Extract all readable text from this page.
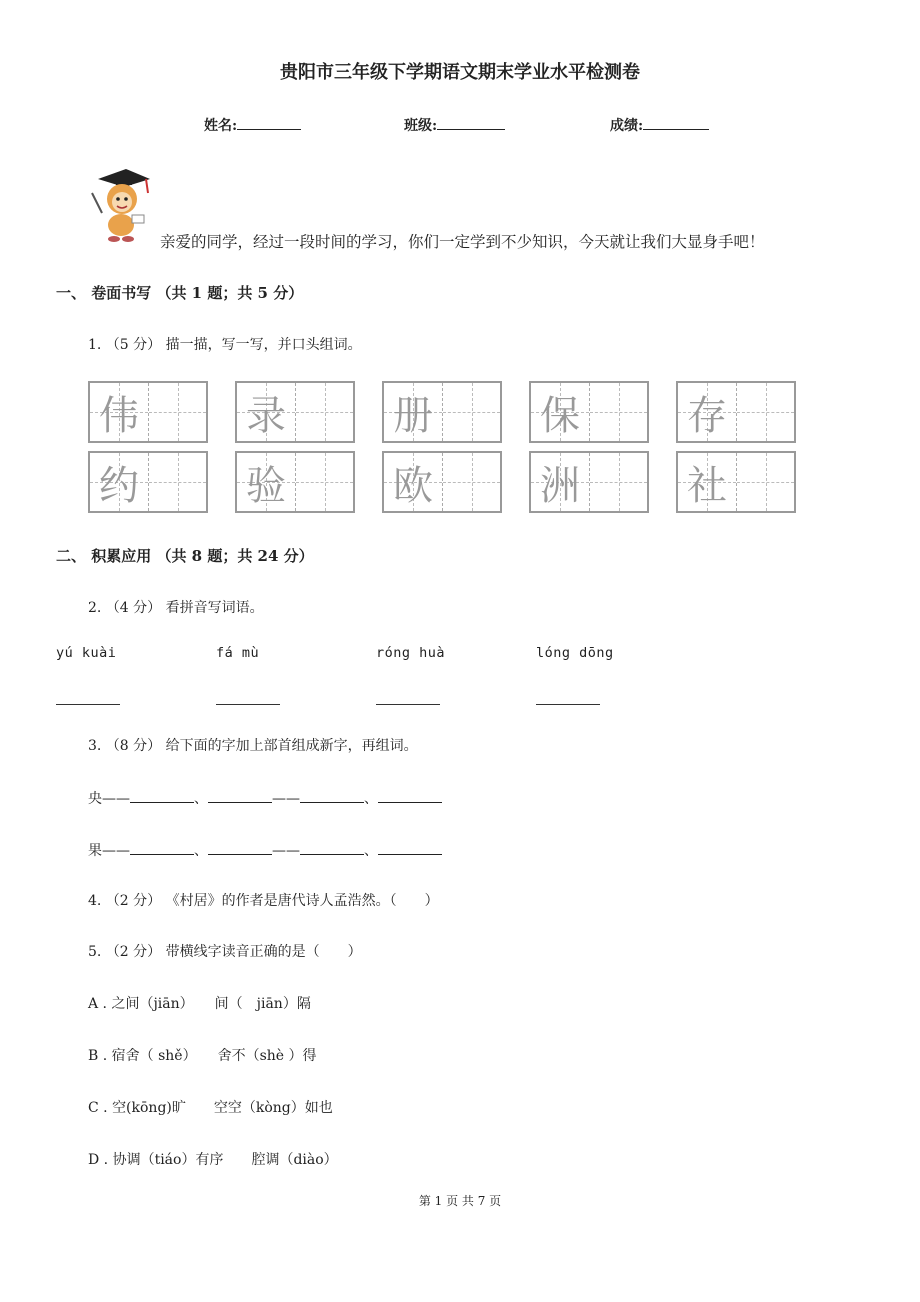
贵阳市三年级下学期语文期末学业水平检测卷
姓名:	班级:	成绩:
亲爱的同学，经过一段时间的学习，你们一定学到不少知识，今天就让我们大显身手吧！
一、 卷面书写 （共 1 题；共 5 分）
1. （5 分） 描一描，写一写，并口头组词。
伟	录	册	保	存
约	验	欧	洲	社
二、 积累应用 （共 8 题；共 24 分）
2. （4 分） 看拼音写词语。
yú kuài	fá mù	róng huà	lóng dōng
3. （8 分） 给下面的字加上部首组成新字，再组词。
央——	、	——	、
果——	、	——	、
4. （2 分） 《村居》的作者是唐代诗人孟浩然。（　　）
5. （2 分） 带横线字读音正确的是（　　）
A . 之间（jiān）　　间（　jiān）隔
B . 宿舍（ shě）　　舍不（shè ）得
C . 空(kōng)旷　　空空（kòng）如也
D . 协调（tiáo）有序　　腔调（diào）
第 1 页 共 7 页
